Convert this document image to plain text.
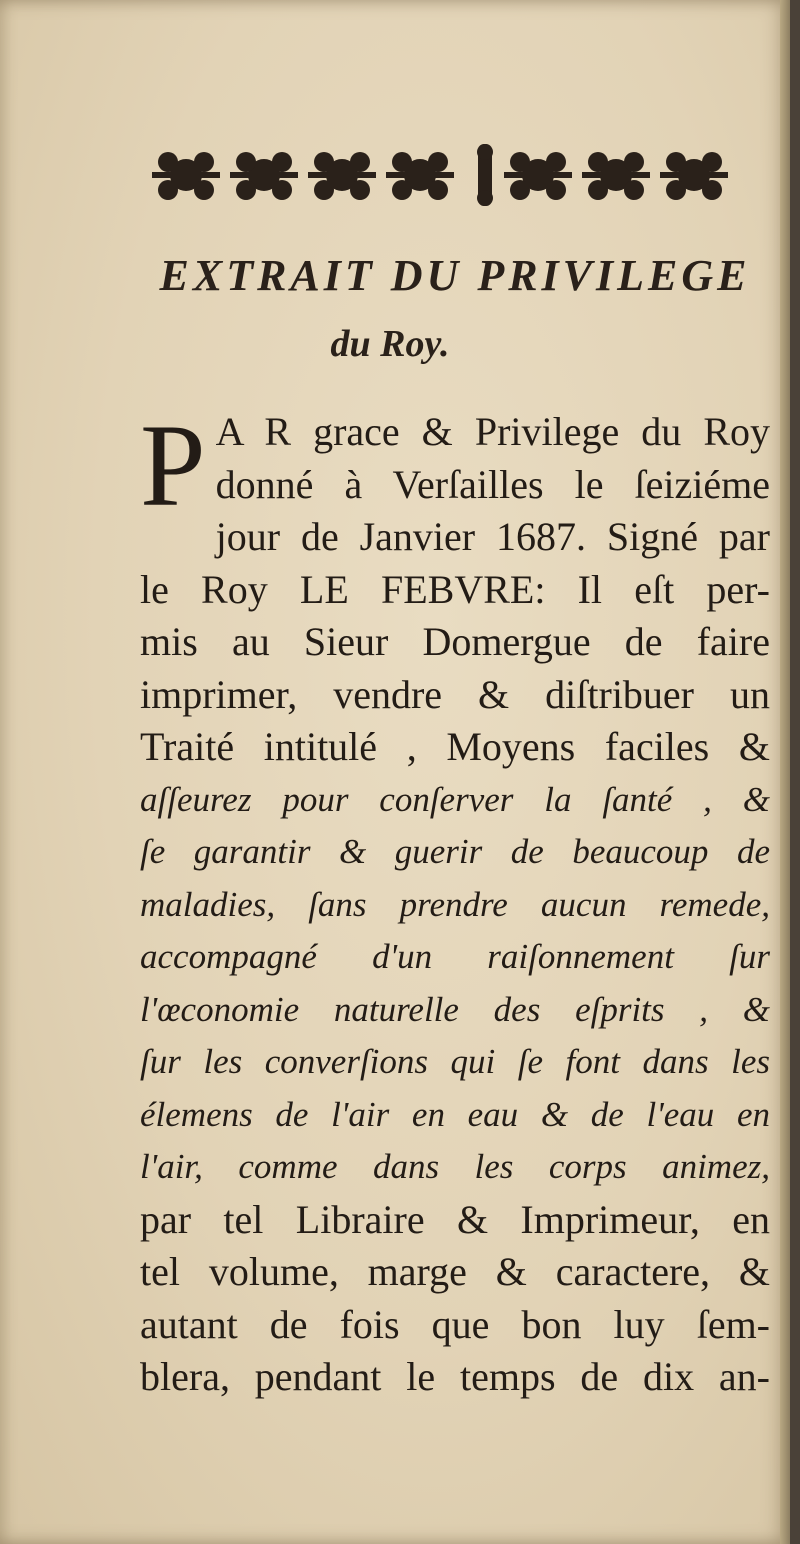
EXTRAIT DU PRIVILEGE
du Roy.
P A R grace & Privilege du Roy
donné à Verſailles le ſeiziéme
jour de Janvier 1687. Signé par
le Roy LE FEBVRE: Il eſt per-
mis au Sieur Domergue de faire
imprimer, vendre & diſtribuer un
Traité intitulé , Moyens faciles &
aſſeurez pour conſerver la ſanté , &
ſe garantir & guerir de beaucoup de
maladies, ſans prendre aucun remede,
accompagné d'un raiſonnement ſur
l'œconomie naturelle des eſprits , &
ſur les converſions qui ſe font dans les
élemens de l'air en eau & de l'eau en
l'air, comme dans les corps animez,
par tel Libraire & Imprimeur, en
tel volume, marge & caractere, &
autant de fois que bon luy ſem-
blera, pendant le temps de dix an-
